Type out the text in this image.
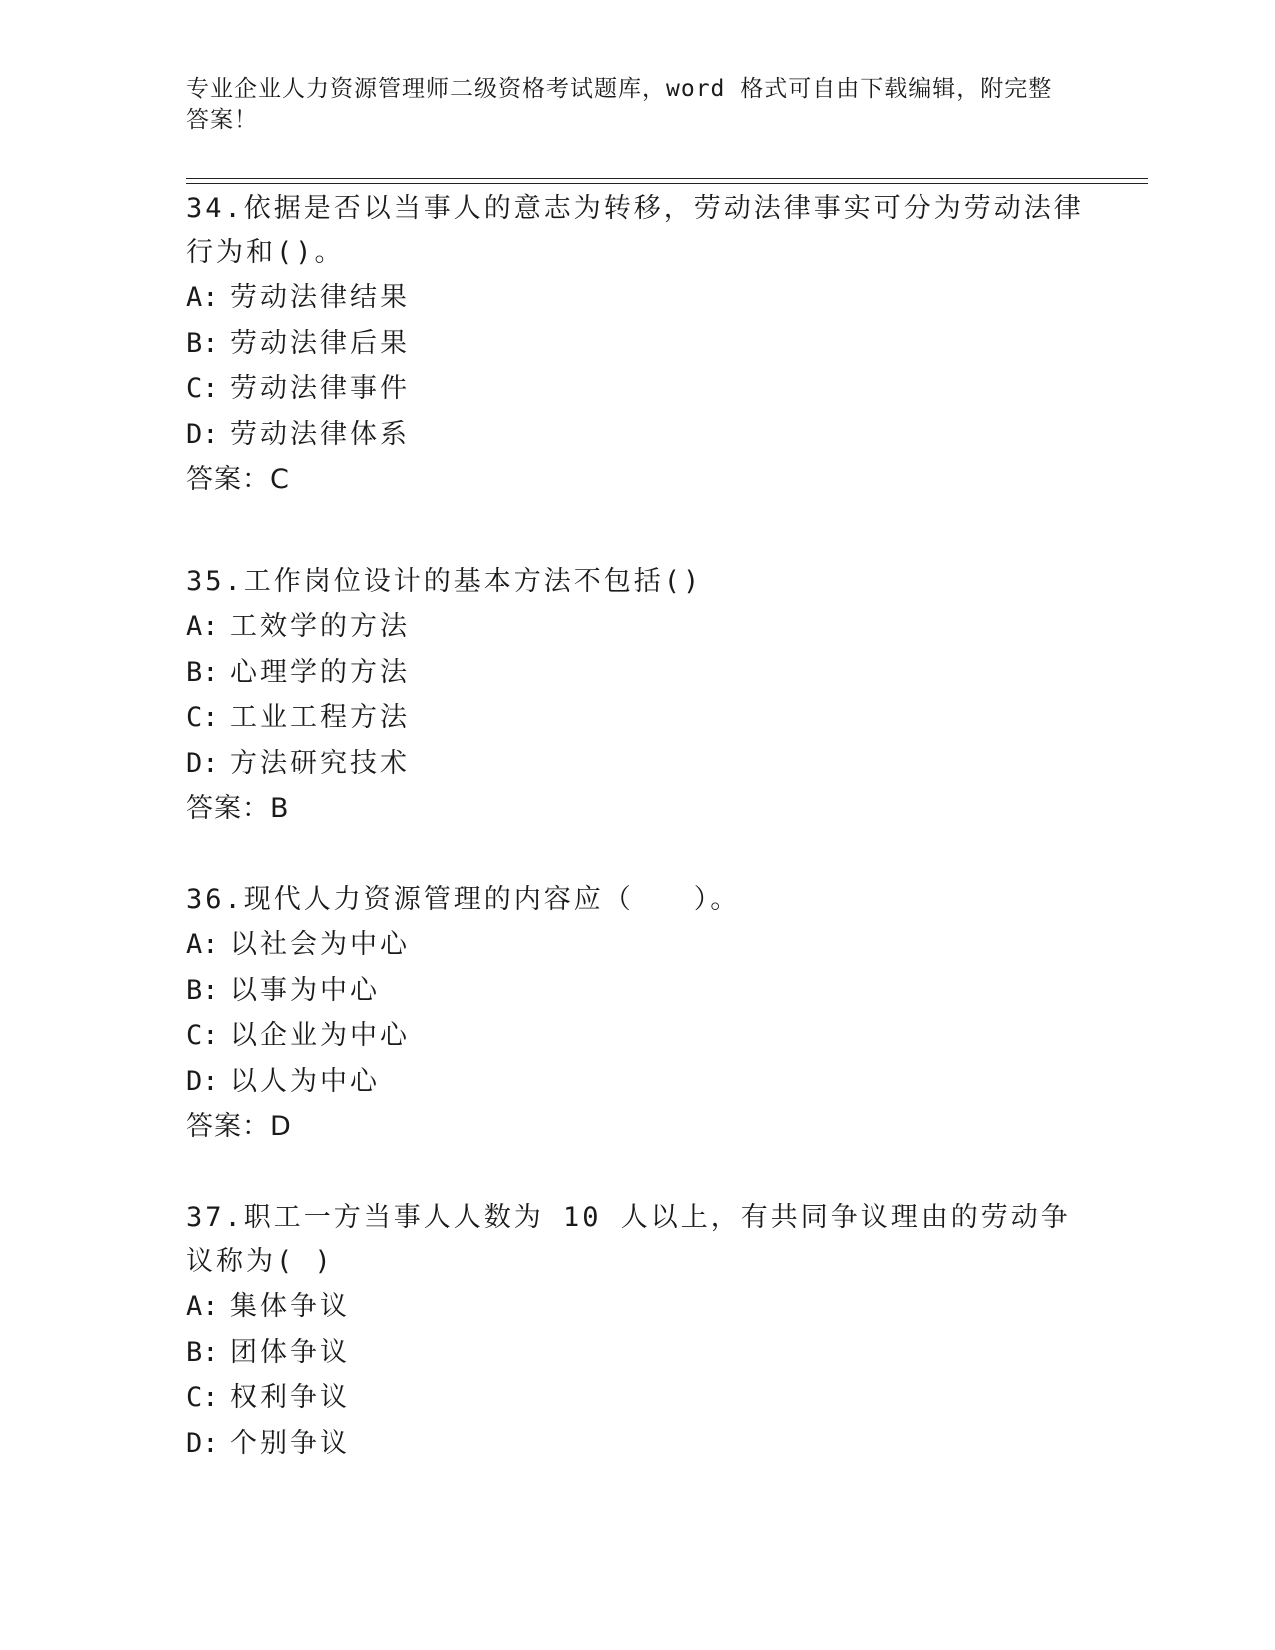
专业企业人力资源管理师二级资格考试题库，word 格式可自由下载编辑，附完整答案！

34.依据是否以当事人的意志为转移，劳动法律事实可分为劳动法律行为和()。

A: 劳动法律结果

B: 劳动法律后果

C: 劳动法律事件

D: 劳动法律体系

答案：C

35.工作岗位设计的基本方法不包括()

A: 工效学的方法

B: 心理学的方法

C: 工业工程方法

D: 方法研究技术

答案：B

36.现代人力资源管理的内容应（　　）。

A: 以社会为中心

B: 以事为中心

C: 以企业为中心

D: 以人为中心

答案：D

37.职工一方当事人人数为 10 人以上，有共同争议理由的劳动争议称为( )

A: 集体争议

B: 团体争议

C: 权利争议

D: 个别争议
